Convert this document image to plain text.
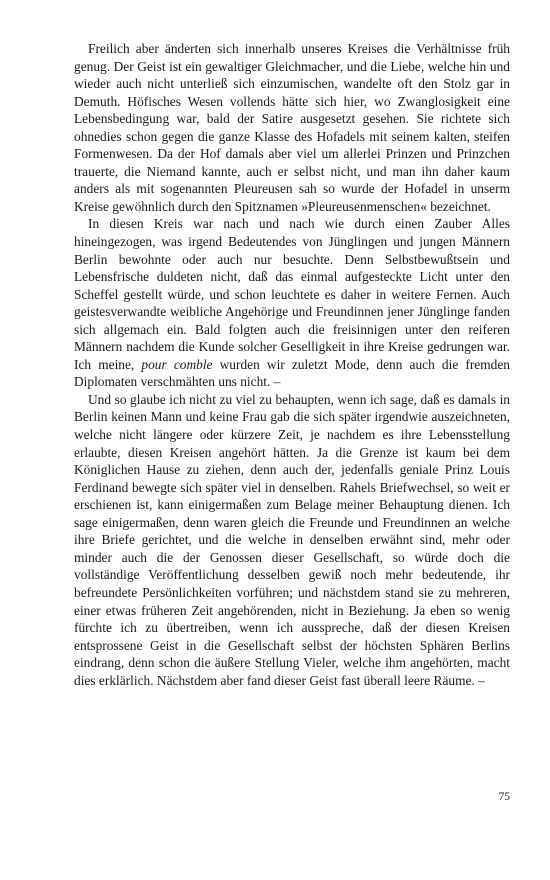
Freilich aber änderten sich innerhalb unseres Kreises die Verhältnisse früh genug. Der Geist ist ein gewaltiger Gleichmacher, und die Liebe, welche hin und wieder auch nicht unterließ sich einzumischen, wandelte oft den Stolz gar in Demuth. Höfisches Wesen vollends hätte sich hier, wo Zwanglosigkeit eine Lebensbedingung war, bald der Satire ausgesetzt gesehen. Sie richtete sich ohnedies schon gegen die ganze Klasse des Hofadels mit seinem kalten, steifen Formenwesen. Da der Hof damals aber viel um allerlei Prinzen und Prinzchen trauerte, die Niemand kannte, auch er selbst nicht, und man ihn daher kaum anders als mit sogenannten Pleureusen sah so wurde der Hofadel in unserm Kreise gewöhnlich durch den Spitznamen »Pleureusenmenschen« bezeichnet.

In diesen Kreis war nach und nach wie durch einen Zauber Alles hineingezogen, was irgend Bedeutendes von Jünglingen und jungen Männern Berlin bewohnte oder auch nur besuchte. Denn Selbstbewußtsein und Lebensfrische duldeten nicht, daß das einmal aufgesteckte Licht unter den Scheffel gestellt würde, und schon leuchtete es daher in weitere Fernen. Auch geistesverwandte weibliche Angehörige und Freundinnen jener Jünglinge fanden sich allgemach ein. Bald folgten auch die freisinnigen unter den reiferen Männern nachdem die Kunde solcher Geselligkeit in ihre Kreise gedrungen war. Ich meine, pour comble wurden wir zuletzt Mode, denn auch die fremden Diplomaten verschmähten uns nicht. –

Und so glaube ich nicht zu viel zu behaupten, wenn ich sage, daß es damals in Berlin keinen Mann und keine Frau gab die sich später irgendwie auszeichneten, welche nicht längere oder kürzere Zeit, je nachdem es ihre Lebensstellung erlaubte, diesen Kreisen angehört hätten. Ja die Grenze ist kaum bei dem Königlichen Hause zu ziehen, denn auch der, jedenfalls geniale Prinz Louis Ferdinand bewegte sich später viel in denselben. Rahels Briefwechsel, so weit er erschienen ist, kann einigermaßen zum Belage meiner Behauptung dienen. Ich sage einigermaßen, denn waren gleich die Freunde und Freundinnen an welche ihre Briefe gerichtet, und die welche in denselben erwähnt sind, mehr oder minder auch die der Genossen dieser Gesellschaft, so würde doch die vollständige Veröffentlichung desselben gewiß noch mehr bedeutende, ihr befreundete Persönlichkeiten vorführen; und nächstdem stand sie zu mehreren, einer etwas früheren Zeit angehörenden, nicht in Beziehung. Ja eben so wenig fürchte ich zu übertreiben, wenn ich ausspreche, daß der diesen Kreisen entsprossene Geist in die Gesellschaft selbst der höchsten Sphären Berlins eindrang, denn schon die äußere Stellung Vieler, welche ihm angehörten, macht dies erklärlich. Nächstdem aber fand dieser Geist fast überall leere Räume. –

75
